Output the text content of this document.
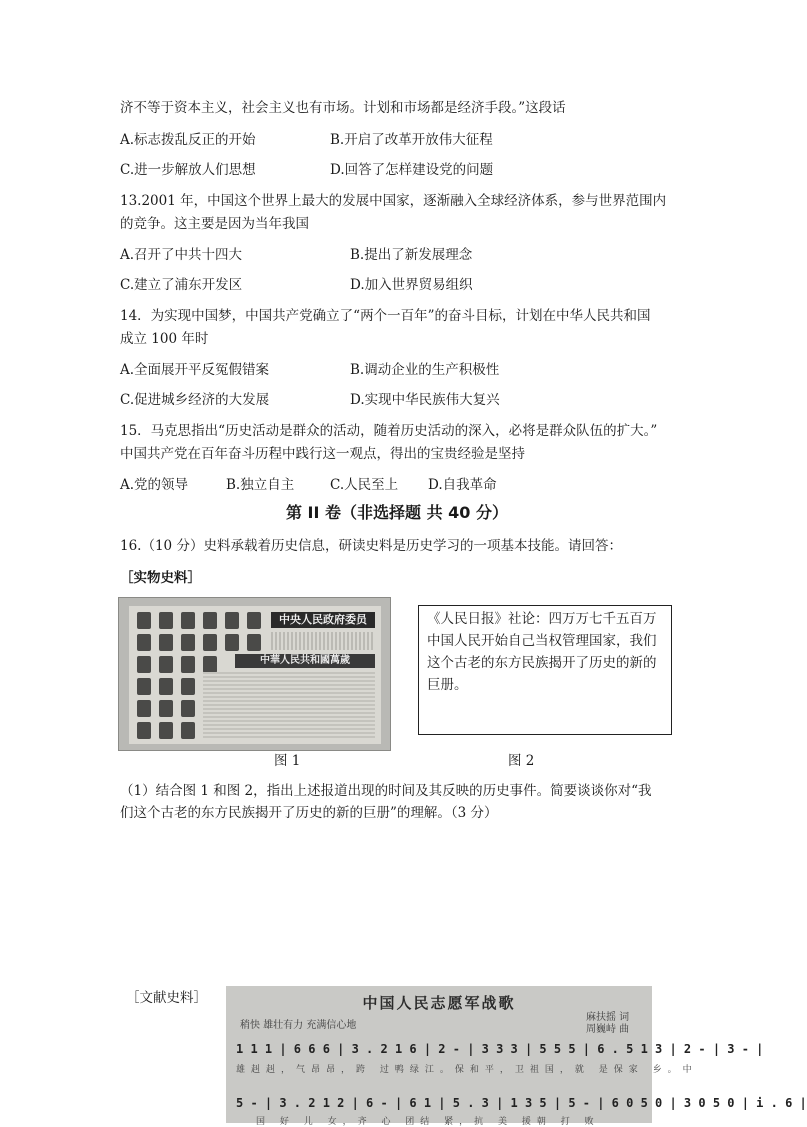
济不等于资本主义，社会主义也有市场。计划和市场都是经济手段。”这段话
A.标志拨乱反正的开始	B.开启了改革开放伟大征程
C.进一步解放人们思想	D.回答了怎样建设党的问题
13.2001 年，中国这个世界上最大的发展中国家，逐渐融入全球经济体系，参与世界范围内
的竞争。这主要是因为当年我国
A.召开了中共十四大	B.提出了新发展理念
C.建立了浦东开发区	D.加入世界贸易组织
14．为实现中国梦，中国共产党确立了“两个一百年”的奋斗目标，计划在中华人民共和国
成立 100 年时
A.全面展开平反冤假错案	B.调动企业的生产积极性
C.促进城乡经济的大发展	D.实现中华民族伟大复兴
15．马克思指出“历史活动是群众的活动，随着历史活动的深入，必将是群众队伍的扩大。”
中国共产党在百年奋斗历程中践行这一观点，得出的宝贵经验是坚持
A.党的领导	B.独立自主	C.人民至上 D.自我革命
第 II 卷（非选择题 共 40 分）
16.（10 分）史料承载着历史信息，研读史料是历史学习的一项基本技能。请回答：
［实物史料］
中央人民政府委员
中華人民共和國萬歲
《人民日报》社论：四万万七千五百万
中国人民开始自己当权管理国家，我们
这个古老的东方民族揭开了历史的新的
巨册。
图 1	图 2
（1）结合图 1 和图 2，指出上述报道出现的时间及其反映的历史事件。简要谈谈你对“我
们这个古老的东方民族揭开了历史的新的巨册”的理解。（3 分）
［文献史料］	中国人民志愿军战歌
稍快 雄壮有力 充满信心地
麻扶摇 词
周巍峙 曲
1 1 1 | 6 6 6 | 3 . 2 1 6 | 2 - | 3 3 3 | 5 5 5 | 6 . 5 1 3 | 2 - | 3 - |
雄赳赳，气昂昂，跨 过鸭绿江。保和平，卫祖国，就 是保家 乡。中
5 - | 3 . 2 1 2 | 6 - | 6 1 | 5 . 3 | 1 3 5 | 5 - | 6 0 5 0 | 3 0 5 0 | i . 6 |
国 好 儿 女，齐 心 团结 紧，抗 美 援朝 打 败
